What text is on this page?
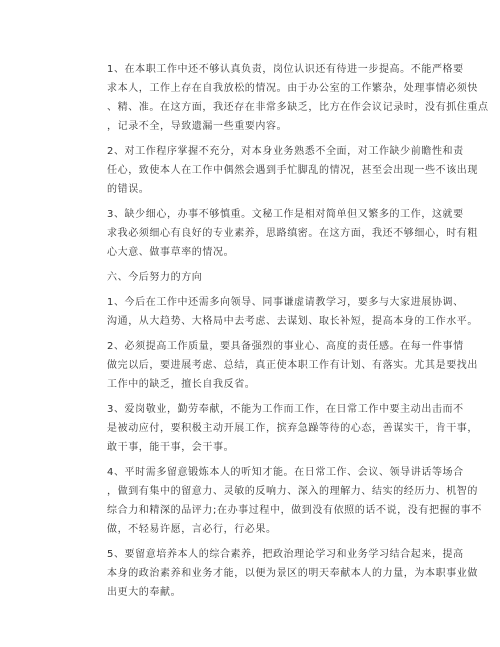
1、在本职工作中还不够认真负责，岗位认识还有待进一步提高。不能严格要
求本人，工作上存在自我放松的情况。由于办公室的工作繁杂，处理事情必须快
、精、准。在这方面，我还存在非常多缺乏，比方在作会议记录时，没有抓住重点
，记录不全，导致遗漏一些重要内容。

2、对工作程序掌握不充分，对本身业务熟悉不全面，对工作缺少前瞻性和责
任心，致使本人在工作中偶然会遇到手忙脚乱的情况，甚至会出现一些不该出现
的错误。

3、缺少细心，办事不够慎重。文秘工作是相对简单但又繁多的工作，这就要
求我必须细心有良好的专业素养，思路缜密。在这方面，我还不够细心，时有粗
心大意、做事草率的情况。

六、今后努力的方向

1、今后在工作中还需多向领导、同事谦虚请教学习，要多与大家进展协调、
沟通，从大趋势、大格局中去考虑、去谋划、取长补短，提高本身的工作水平。

2、必须提高工作质量，要具备强烈的事业心、高度的责任感。在每一件事情
做完以后，要进展考虑、总结，真正使本职工作有计划、有落实。尤其是要找出
工作中的缺乏，擅长自我反省。

3、爱岗敬业，勤劳奉献，不能为工作而工作，在日常工作中要主动出击而不
是被动应付，要积极主动开展工作，摈弃急躁等待的心态，善谋实干，肯干事，
敢干事，能干事，会干事。

4、平时需多留意锻炼本人的听知才能。在日常工作、会议、领导讲话等场合
，做到有集中的留意力、灵敏的反响力、深入的理解力、结实的经历力、机智的
综合力和精深的品评力;在办事过程中，做到没有依照的话不说，没有把握的事不
做，不轻易许愿，言必行，行必果。

5、要留意培养本人的综合素养，把政治理论学习和业务学习结合起来，提高
本身的政治素养和业务才能，以便为景区的明天奉献本人的力量，为本职事业做
出更大的奉献。
